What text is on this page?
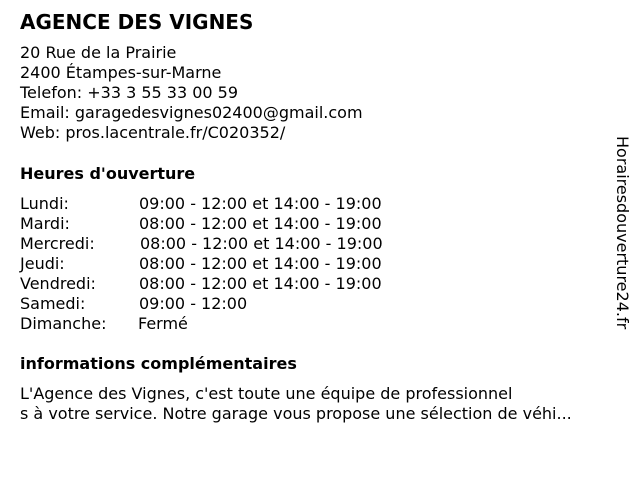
AGENCE DES VIGNES
20 Rue de la Prairie
2400 Étampes-sur-Marne
Telefon: +33 3 55 33 00 59
Email: garagedesvignes02400@gmail.com
Web: pros.lacentrale.fr/C020352/
Heures d'ouverture
Lundi:	09:00 - 12:00 et 14:00 - 19:00
Mardi:	08:00 - 12:00 et 14:00 - 19:00
Mercredi:	08:00 - 12:00 et 14:00 - 19:00
Jeudi:	08:00 - 12:00 et 14:00 - 19:00
Vendredi:	08:00 - 12:00 et 14:00 - 19:00
Samedi:	09:00 - 12:00
Dimanche: Fermé
informations complémentaires
L'Agence des Vignes, c'est toute une équipe de professionnel
s à votre service. Notre garage vous propose une sélection de véhi...
Horairesdouverture24.fr
